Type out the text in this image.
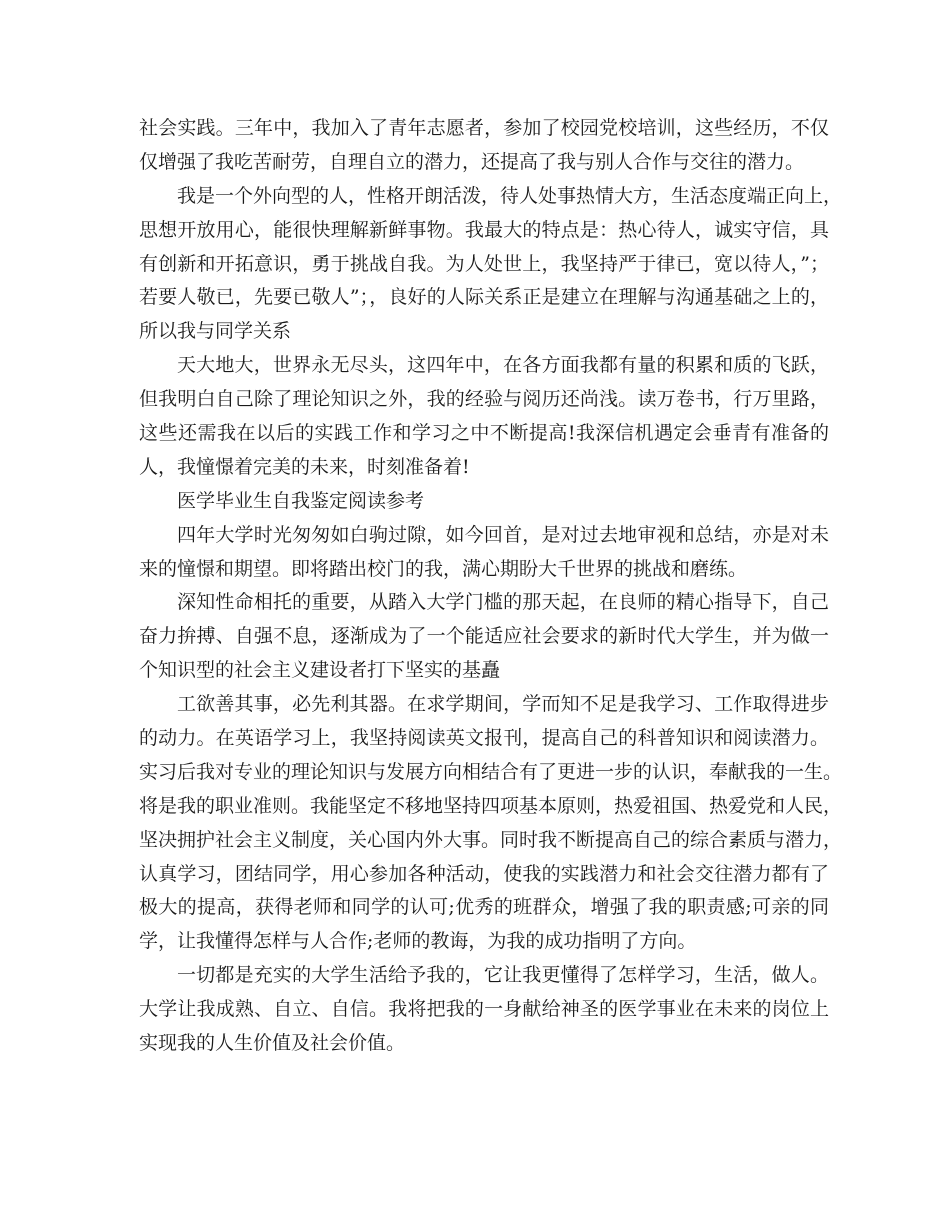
社会实践。三年中，我加入了青年志愿者，参加了校园党校培训，这些经历，不仅
仅增强了我吃苦耐劳，自理自立的潜力，还提高了我与别人合作与交往的潜力。
我是一个外向型的人，性格开朗活泼，待人处事热情大方，生活态度端正向上，
思想开放用心，能很快理解新鲜事物。我最大的特点是：热心待人，诚实守信，具
有创新和开拓意识，勇于挑战自我。为人处世上，我坚持严于律已，宽以待人，”；
若要人敬已，先要已敬人”；，良好的人际关系正是建立在理解与沟通基础之上的，
所以我与同学关系
天大地大，世界永无尽头，这四年中，在各方面我都有量的积累和质的飞跃，
但我明白自己除了理论知识之外，我的经验与阅历还尚浅。读万卷书，行万里路，
这些还需我在以后的实践工作和学习之中不断提高!我深信机遇定会垂青有准备的
人，我憧憬着完美的未来，时刻准备着!
医学毕业生自我鉴定阅读参考
四年大学时光匆匆如白驹过隙，如今回首，是对过去地审视和总结，亦是对未
来的憧憬和期望。即将踏出校门的我，满心期盼大千世界的挑战和磨练。
深知性命相托的重要，从踏入大学门槛的那天起，在良师的精心指导下，自己
奋力拚搏、自强不息，逐渐成为了一个能适应社会要求的新时代大学生，并为做一
个知识型的社会主义建设者打下坚实的基矗
工欲善其事，必先利其器。在求学期间，学而知不足是我学习、工作取得进步
的动力。在英语学习上，我坚持阅读英文报刊，提高自己的科普知识和阅读潜力。
实习后我对专业的理论知识与发展方向相结合有了更进一步的认识，奉献我的一生。
将是我的职业准则。我能坚定不移地坚持四项基本原则，热爱祖国、热爱党和人民，
坚决拥护社会主义制度，关心国内外大事。同时我不断提高自己的综合素质与潜力，
认真学习，团结同学，用心参加各种活动，使我的实践潜力和社会交往潜力都有了
极大的提高，获得老师和同学的认可;优秀的班群众，增强了我的职责感;可亲的同
学，让我懂得怎样与人合作;老师的教诲，为我的成功指明了方向。
一切都是充实的大学生活给予我的，它让我更懂得了怎样学习，生活，做人。
大学让我成熟、自立、自信。我将把我的一身献给神圣的医学事业在未来的岗位上
实现我的人生价值及社会价值。
